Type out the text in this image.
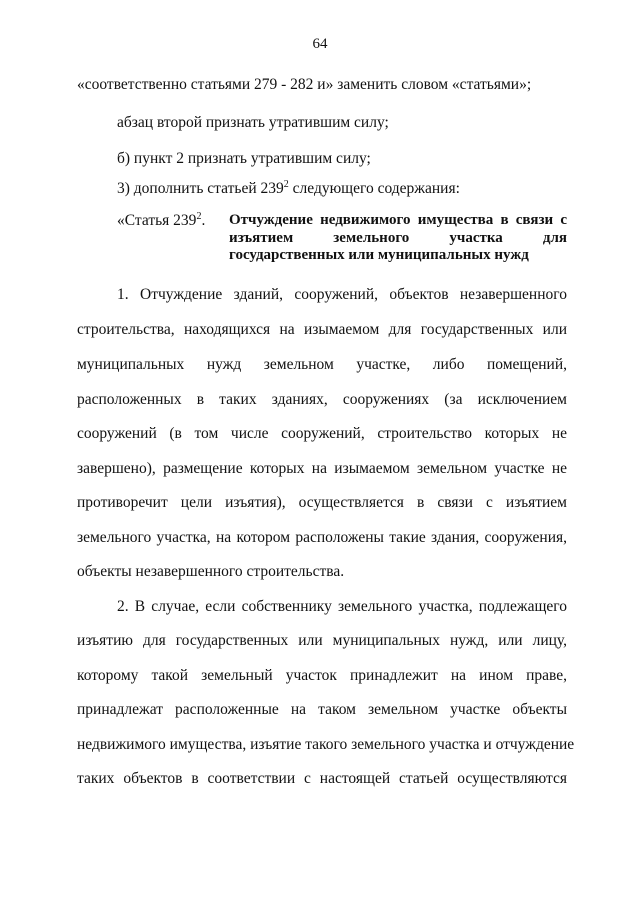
64
«соответственно статьями 279 - 282 и» заменить словом «статьями»;
абзац второй признать утратившим силу;
б) пункт 2 признать утратившим силу;
3) дополнить статьей $239^2$ следующего содержания:
«Статья $239^2$. Отчуждение недвижимого имущества в связи с
изъятием земельного участка для
государственных или муниципальных нужд
1. Отчуждение зданий, сооружений, объектов незавершенного
строительства, находящихся на изымаемом для государственных или
муниципальных нужд земельном участке, либо помещений,
расположенных в таких зданиях, сооружениях (за исключением
сооружений (в том числе сооружений, строительство которых не
завершено), размещение которых на изымаемом земельном участке не
противоречит цели изъятия), осуществляется в связи с изъятием
земельного участка, на котором расположены такие здания, сооружения,
объекты незавершенного строительства.
2. В случае, если собственнику земельного участка, подлежащего
изъятию для государственных или муниципальных нужд, или лицу,
которому такой земельный участок принадлежит на ином праве,
принадлежат расположенные на таком земельном участке объекты
недвижимого имущества, изъятие такого земельного участка и отчуждение
таких объектов в соответствии с настоящей статьей осуществляются
